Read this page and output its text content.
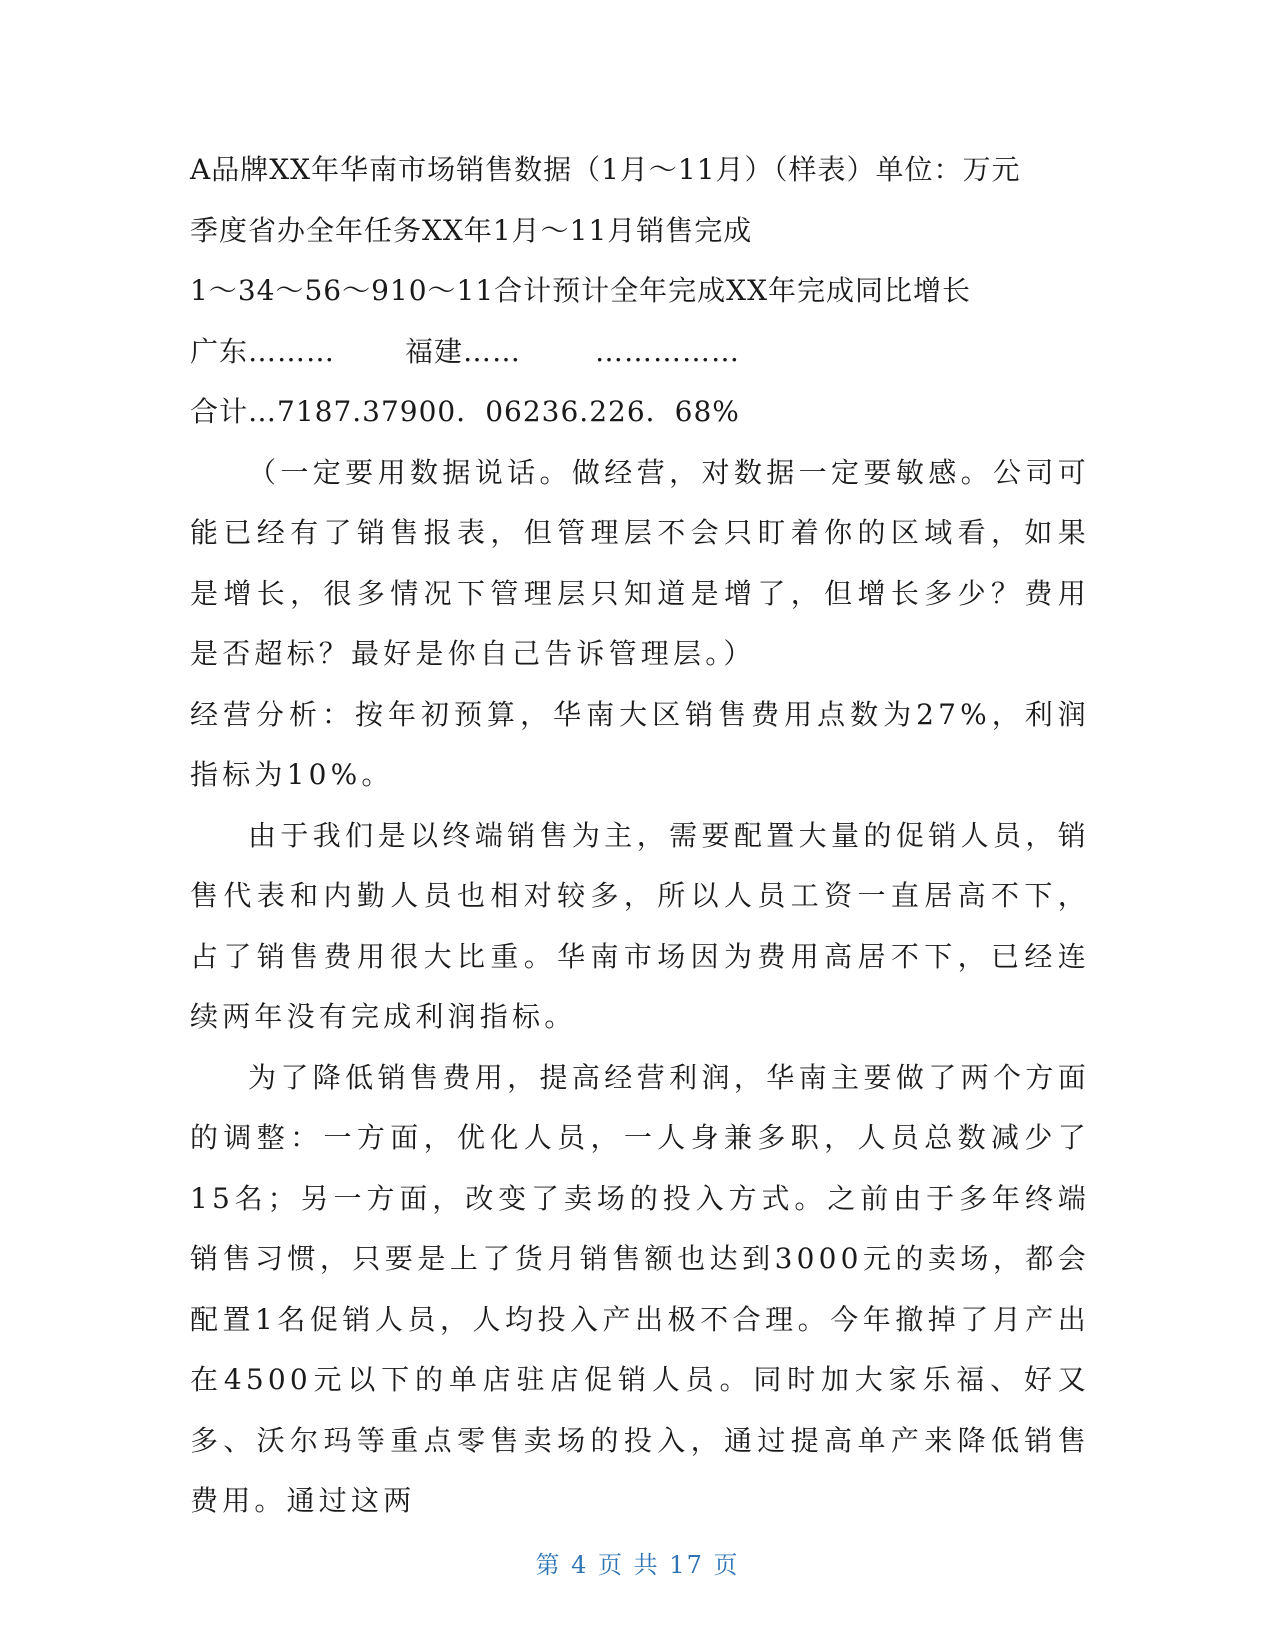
A品牌XX年华南市场销售数据（1月～11月）（样表）单位：万元

季度省办全年任务XX年1月～11月销售完成

1～34～56～910～11合计预计全年完成XX年完成同比增长

广东………	福建……	……………

合计…7187.37900．06236.226．68%

（一定要用数据说话。做经营，对数据一定要敏感。公司可能已经有了销售报表，但管理层不会只盯着你的区域看，如果是增长，很多情况下管理层只知道是增了，但增长多少？费用是否超标？最好是你自己告诉管理层。）

经营分析：按年初预算，华南大区销售费用点数为27%，利润指标为10%。

由于我们是以终端销售为主，需要配置大量的促销人员，销售代表和内勤人员也相对较多，所以人员工资一直居高不下，占了销售费用很大比重。华南市场因为费用高居不下，已经连续两年没有完成利润指标。

为了降低销售费用，提高经营利润，华南主要做了两个方面的调整：一方面，优化人员，一人身兼多职，人员总数减少了15名；另一方面，改变了卖场的投入方式。之前由于多年终端销售习惯，只要是上了货月销售额也达到3000元的卖场，都会配置1名促销人员，人均投入产出极不合理。今年撤掉了月产出在4500元以下的单店驻店促销人员。同时加大家乐福、好又多、沃尔玛等重点零售卖场的投入，通过提高单产来降低销售费用。通过这两

第 4 页 共 17 页
